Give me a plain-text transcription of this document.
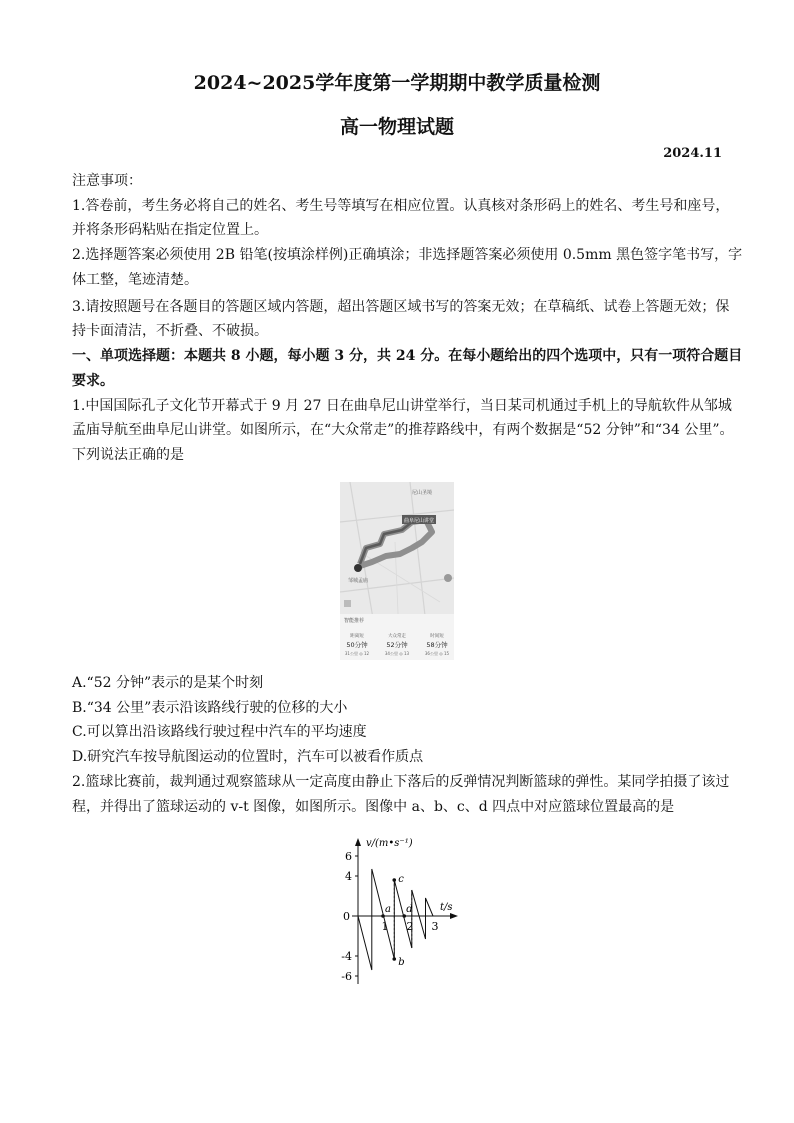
2024~2025学年度第一学期期中教学质量检测
高一物理试题
2024.11
注意事项：
1.答卷前，考生务必将自己的姓名、考生号等填写在相应位置。认真核对条形码上的姓名、考生号和座号，
并将条形码粘贴在指定位置上。
2.选择题答案必须使用 2B 铅笔(按填涂样例)正确填涂；非选择题答案必须使用 0.5mm 黑色签字笔书写，字
体工整，笔迹清楚。
3.请按照题号在各题目的答题区域内答题，超出答题区域书写的答案无效；在草稿纸、试卷上答题无效；保
持卡面清洁，不折叠、不破损。
一、单项选择题：本题共 8 小题，每小题 3 分，共 24 分。在每小题给出的四个选项中，只有一项符合题目
要求。
1.中国国际孔子文化节开幕式于 9 月 27 日在曲阜尼山讲堂举行，当日某司机通过手机上的导航软件从邹城
孟庙导航至曲阜尼山讲堂。如图所示，在“大众常走”的推荐路线中，有两个数据是“52 分钟”和“34 公里”。
下列说法正确的是
曲阜尼山讲堂
尼山圣境
邹城孟庙
智能推荐
距离短
50分钟
31公里 ◎ 12
大众常走
52分钟
34公里 ◎ 13
时间短
58分钟
36公里 ◎ 15
A.“52 分钟”表示的是某个时刻
B.“34 公里”表示沿该路线行驶的位移的大小
C.可以算出沿该路线行驶过程中汽车的平均速度
D.研究汽车按导航图运动的位置时，汽车可以被看作质点
2.篮球比赛前，裁判通过观察篮球从一定高度由静止下落后的反弹情况判断篮球的弹性。某同学拍摄了该过
程，并得出了篮球运动的 v-t 图像，如图所示。图像中 a、b、c、d 四点中对应篮球位置最高的是
v/(m•s⁻¹)
t/s
0
6
4
-4
-6
1 2 3
a
b
c
d
